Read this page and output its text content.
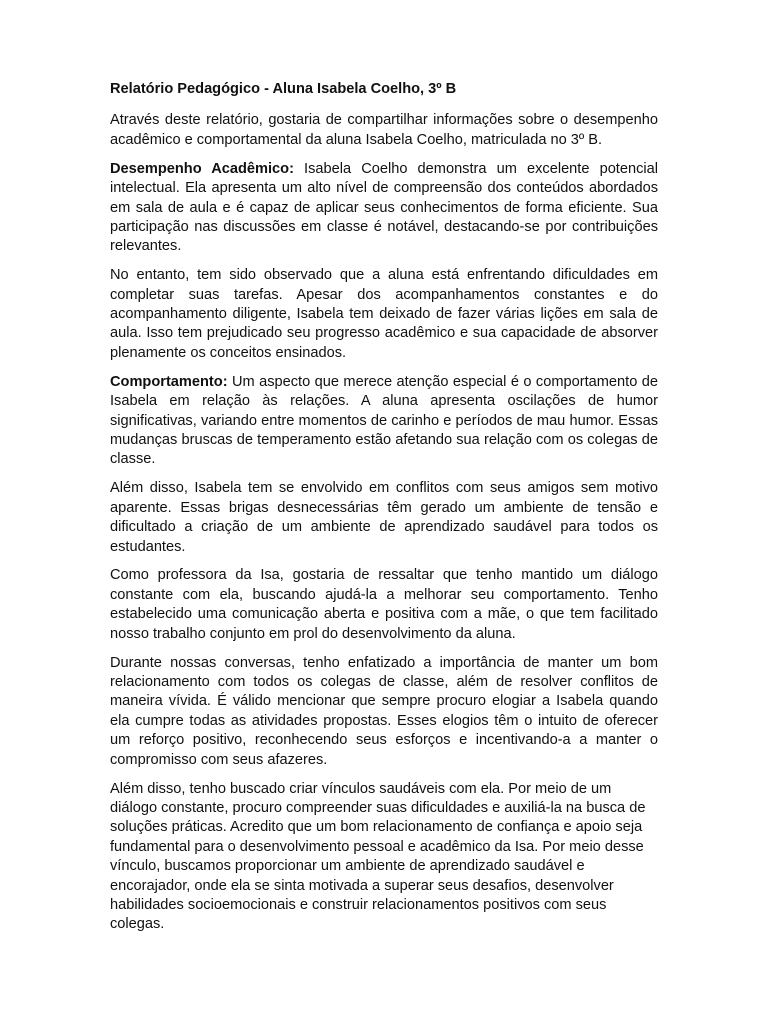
Relatório Pedagógico - Aluna Isabela Coelho, 3º B

Através deste relatório, gostaria de compartilhar informações sobre o desempenho acadêmico e comportamental da aluna Isabela Coelho, matriculada no 3º B.

Desempenho Acadêmico: Isabela Coelho demonstra um excelente potencial intelectual. Ela apresenta um alto nível de compreensão dos conteúdos abordados em sala de aula e é capaz de aplicar seus conhecimentos de forma eficiente. Sua participação nas discussões em classe é notável, destacando-se por contribuições relevantes.

No entanto, tem sido observado que a aluna está enfrentando dificuldades em completar suas tarefas. Apesar dos acompanhamentos constantes e do acompanhamento diligente, Isabela tem deixado de fazer várias lições em sala de aula. Isso tem prejudicado seu progresso acadêmico e sua capacidade de absorver plenamente os conceitos ensinados.

Comportamento: Um aspecto que merece atenção especial é o comportamento de Isabela em relação às relações. A aluna apresenta oscilações de humor significativas, variando entre momentos de carinho e períodos de mau humor. Essas mudanças bruscas de temperamento estão afetando sua relação com os colegas de classe.

Além disso, Isabela tem se envolvido em conflitos com seus amigos sem motivo aparente. Essas brigas desnecessárias têm gerado um ambiente de tensão e dificultado a criação de um ambiente de aprendizado saudável para todos os estudantes.

Como professora da Isa, gostaria de ressaltar que tenho mantido um diálogo constante com ela, buscando ajudá-la a melhorar seu comportamento. Tenho estabelecido uma comunicação aberta e positiva com a mãe, o que tem facilitado nosso trabalho conjunto em prol do desenvolvimento da aluna.

Durante nossas conversas, tenho enfatizado a importância de manter um bom relacionamento com todos os colegas de classe, além de resolver conflitos de maneira vívida. É válido mencionar que sempre procuro elogiar a Isabela quando ela cumpre todas as atividades propostas. Esses elogios têm o intuito de oferecer um reforço positivo, reconhecendo seus esforços e incentivando-a a manter o compromisso com seus afazeres.

Além disso, tenho buscado criar vínculos saudáveis com ela. Por meio de um diálogo constante, procuro compreender suas dificuldades e auxiliá-la na busca de soluções práticas. Acredito que um bom relacionamento de confiança e apoio seja fundamental para o desenvolvimento pessoal e acadêmico da Isa. Por meio desse vínculo, buscamos proporcionar um ambiente de aprendizado saudável e encorajador, onde ela se sinta motivada a superar seus desafios, desenvolver habilidades socioemocionais e construir relacionamentos positivos com seus colegas.
